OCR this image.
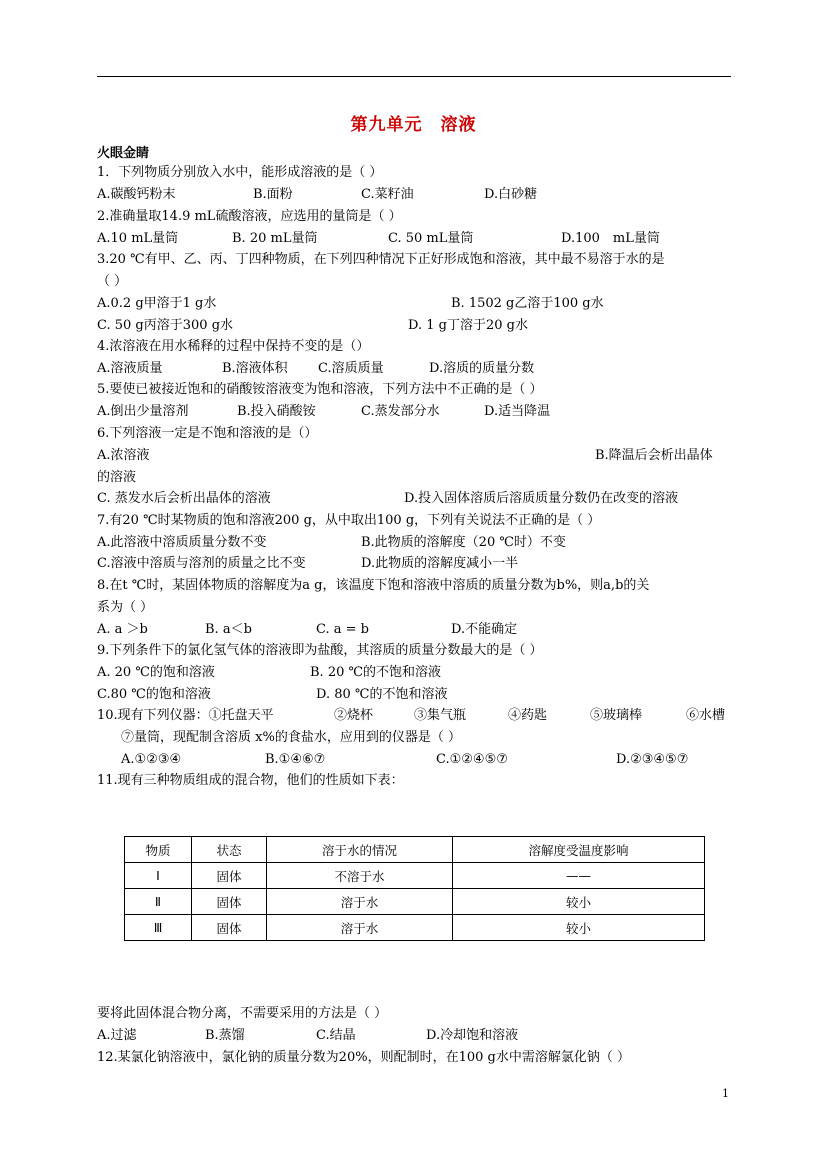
第九单元　溶液
火眼金睛
1．下列物质分别放入水中，能形成溶液的是（ ）
A.碳酸钙粉末	B.面粉	C.菜籽油	D.白砂糖
2.准确量取14.9 mL硫酸溶液，应选用的量筒是（ ）
A.10 mL量筒	B. 20 mL量筒	C. 50 mL量筒	D.100　mL量筒
3.20 ℃有甲、乙、丙、丁四种物质，在下列四种情况下正好形成饱和溶液，其中最不易溶于水的是
（ ）
A.0.2 g甲溶于1 g水	B. 1502 g乙溶于100 g水
C. 50 g丙溶于300 g水	D. 1 g丁溶于20 g水
4.浓溶液在用水稀释的过程中保持不变的是（）
A.溶液质量	B.溶液体积 C.溶质质量	D.溶质的质量分数
5.要使已被接近饱和的硝酸铵溶液变为饱和溶液，下列方法中不正确的是（ ）
A.倒出少量溶剂	B.投入硝酸铵	C.蒸发部分水	D.适当降温
6.下列溶液一定是不饱和溶液的是（）
A.浓溶液	B.降温后会析出晶体
的溶液
C. 蒸发水后会析出晶体的溶液	D.投入固体溶质后溶质质量分数仍在改变的溶液
7.有20 ℃时某物质的饱和溶液200 g，从中取出100 g，下列有关说法不正确的是（ ）
A.此溶液中溶质质量分数不变	B.此物质的溶解度（20 ℃时）不变
C.溶液中溶质与溶剂的质量之比不变	D.此物质的溶解度减小一半
8.在t ℃时，某固体物质的溶解度为a g，该温度下饱和溶液中溶质的质量分数为b%，则a,b的关
系为（ ）
A. a ＞b	B. a＜b	C. a = b	D.不能确定
9.下列条件下的氯化氢气体的溶液即为盐酸，其溶质的质量分数最大的是（ ）
A. 20 ℃的饱和溶液	B. 20 ℃的不饱和溶液
C.80 ℃的饱和溶液	D. 80 ℃的不饱和溶液
10.现有下列仪器：①托盘天平	②烧杯	③集气瓶	④药匙	⑤玻璃棒	⑥水槽
⑦量筒，现配制含溶质 x%的食盐水，应用到的仪器是（ ）
A.①②③④	B.①④⑥⑦	C.①②④⑤⑦	D.②③④⑤⑦
11.现有三种物质组成的混合物，他们的性质如下表：
物质	状态	溶于水的情况	溶解度受温度影响
Ⅰ	固体	不溶于水	——
Ⅱ	固体	溶于水	较小
Ⅲ	固体	溶于水	较小
要将此固体混合物分离，不需要采用的方法是（ ）
A.过滤	B.蒸馏	C.结晶	D.冷却饱和溶液
12.某氯化钠溶液中，氯化钠的质量分数为20%，则配制时，在100 g水中需溶解氯化钠（ ）
1
